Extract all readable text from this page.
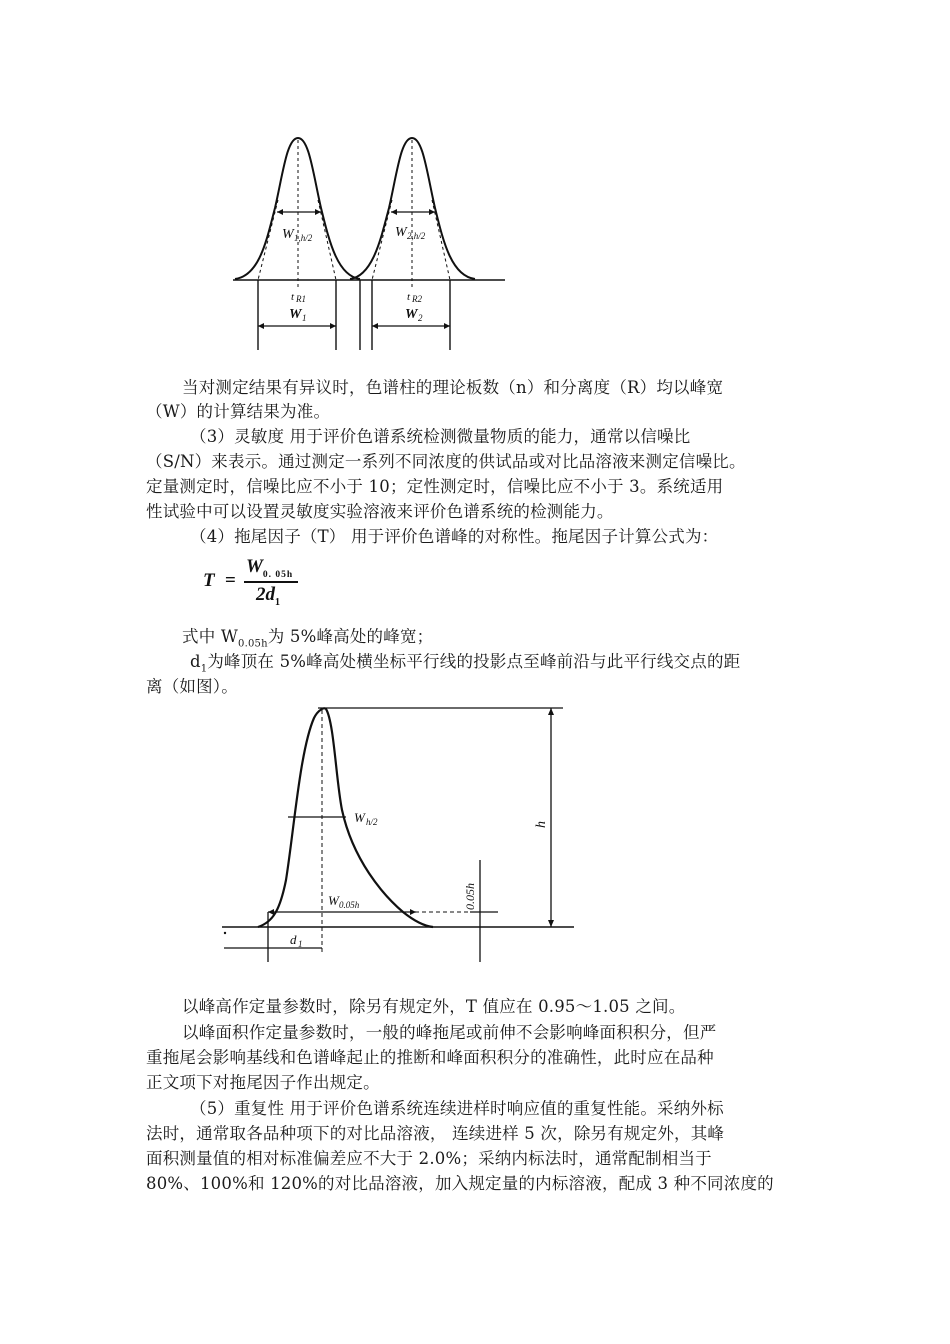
W 1,h/2	W 2,h/2
t R1	t R2
W 1	W 2

当对测定结果有异议时，色谱柱的理论板数（n）和分离度（R）均以峰宽

（W）的计算结果为准。

（3）灵敏度 用于评价色谱系统检测微量物质的能力，通常以信噪比

（S/N）来表示。通过测定一系列不同浓度的供试品或对比品溶液来测定信噪比。

定量测定时，信噪比应不小于 10；定性测定时，信噪比应不小于 3。系统适用

性试验中可以设置灵敏度实验溶液来评价色谱系统的检测能力。

（4）拖尾因子（T） 用于评价色谱峰的对称性。拖尾因子计算公式为：

T =
$W_{0. 05h}$
$2d_1$

式中 $W_{0.05h}$为 5%峰高处的峰宽；

$d_1$为峰顶在 5%峰高处横坐标平行线的投影点至峰前沿与此平行线交点的距

离（如图）。

W h/2	h
0.05h
W 0.05h
d 1

以峰高作定量参数时，除另有规定外，T 值应在 0.95～1.05 之间。

以峰面积作定量参数时，一般的峰拖尾或前伸不会影响峰面积积分，但严

重拖尾会影响基线和色谱峰起止的推断和峰面积积分的准确性，此时应在品种

正文项下对拖尾因子作出规定。

（5）重复性 用于评价色谱系统连续进样时响应值的重复性能。采纳外标

法时，通常取各品种项下的对比品溶液， 连续进样 5 次，除另有规定外，其峰

面积测量值的相对标准偏差应不大于 2.0%；采纳内标法时，通常配制相当于

80%、100%和 120%的对比品溶液，加入规定量的内标溶液，配成 3 种不同浓度的
